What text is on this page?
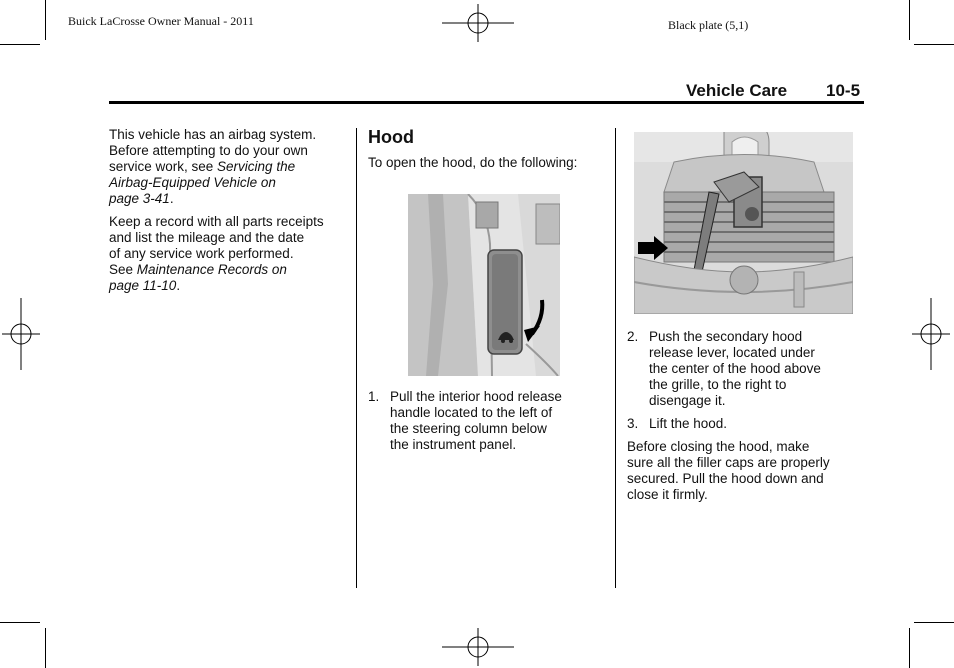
Buick LaCrosse Owner Manual - 2011	Black plate (5,1)
Vehicle Care 10-5

This vehicle has an airbag system.
Before attempting to do your own
service work, see Servicing the
Airbag-Equipped Vehicle on
page 3-41.

Keep a record with all parts receipts
and list the mileage and the date
of any service work performed.
See Maintenance Records on
page 11-10.

Hood

To open the hood, do the following:

1. Pull the interior hood release
handle located to the left of
the steering column below
the instrument panel.
2. Push the secondary hood
release lever, located under
the center of the hood above
the grille, to the right to
disengage it.
3. Lift the hood.

Before closing the hood, make
sure all the filler caps are properly
secured. Pull the hood down and
close it firmly.
